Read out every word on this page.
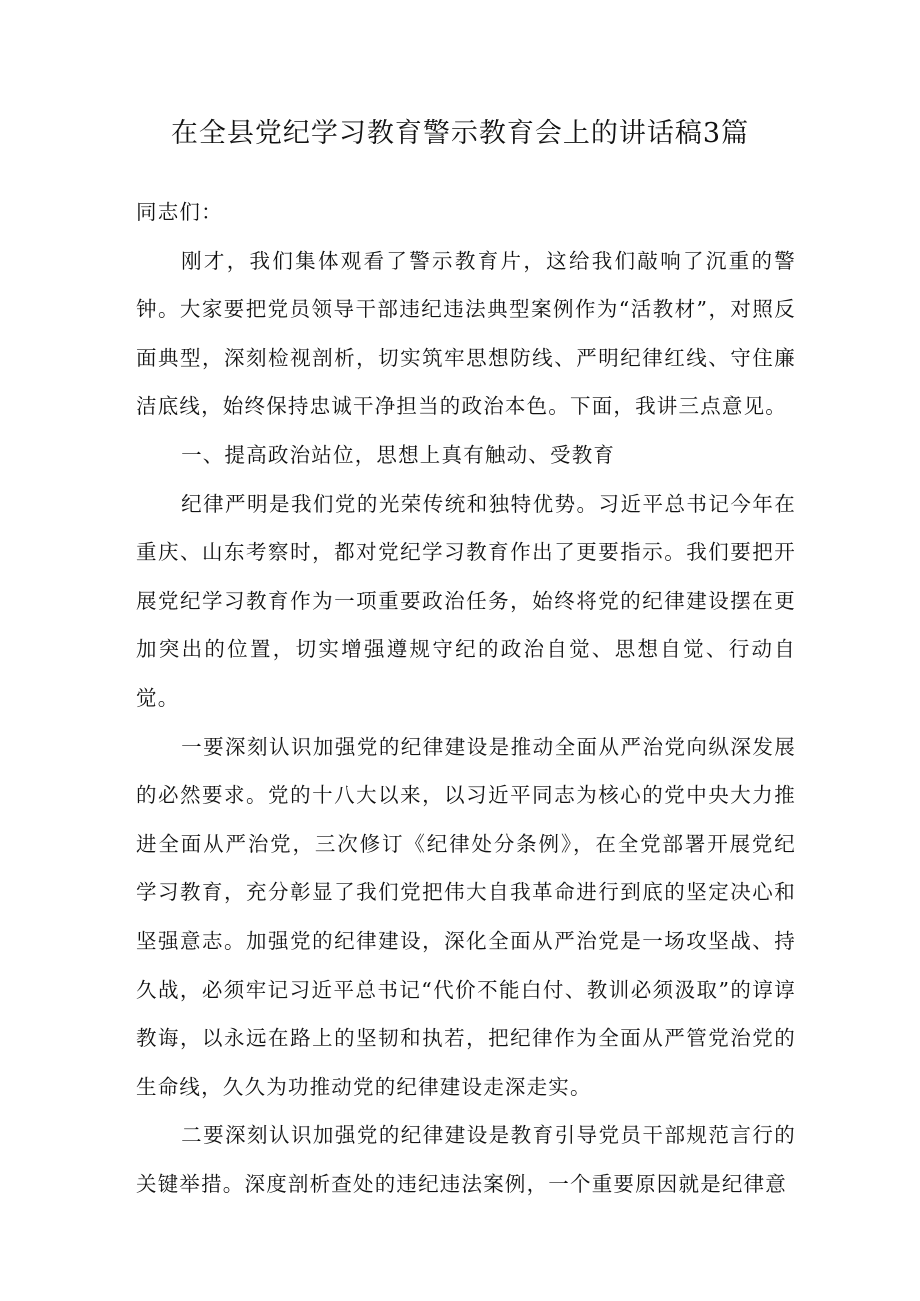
在全县党纪学习教育警示教育会上的讲话稿3篇

同志们：

刚才，我们集体观看了警示教育片，这给我们敲响了沉重的警钟。大家要把党员领导干部违纪违法典型案例作为“活教材”，对照反面典型，深刻检视剖析，切实筑牢思想防线、严明纪律红线、守住廉洁底线，始终保持忠诚干净担当的政治本色。下面，我讲三点意见。

一、提高政治站位，思想上真有触动、受教育

纪律严明是我们党的光荣传统和独特优势。习近平总书记今年在重庆、山东考察时，都对党纪学习教育作出了更要指示。我们要把开展党纪学习教育作为一项重要政治任务，始终将党的纪律建设摆在更加突出的位置，切实增强遵规守纪的政治自觉、思想自觉、行动自觉。

一要深刻认识加强党的纪律建设是推动全面从严治党向纵深发展的必然要求。党的十八大以来，以习近平同志为核心的党中央大力推进全面从严治党，三次修订《纪律处分条例》，在全党部署开展党纪学习教育，充分彰显了我们党把伟大自我革命进行到底的坚定决心和坚强意志。加强党的纪律建设，深化全面从严治党是一场攻坚战、持久战，必须牢记习近平总书记“代价不能白付、教训必须汲取”的谆谆教诲，以永远在路上的坚韧和执若，把纪律作为全面从严管党治党的生命线，久久为功推动党的纪律建设走深走实。

二要深刻认识加强党的纪律建设是教育引导党员干部规范言行的关键举措。深度剖析查处的违纪违法案例，一个重要原因就是纪律意
